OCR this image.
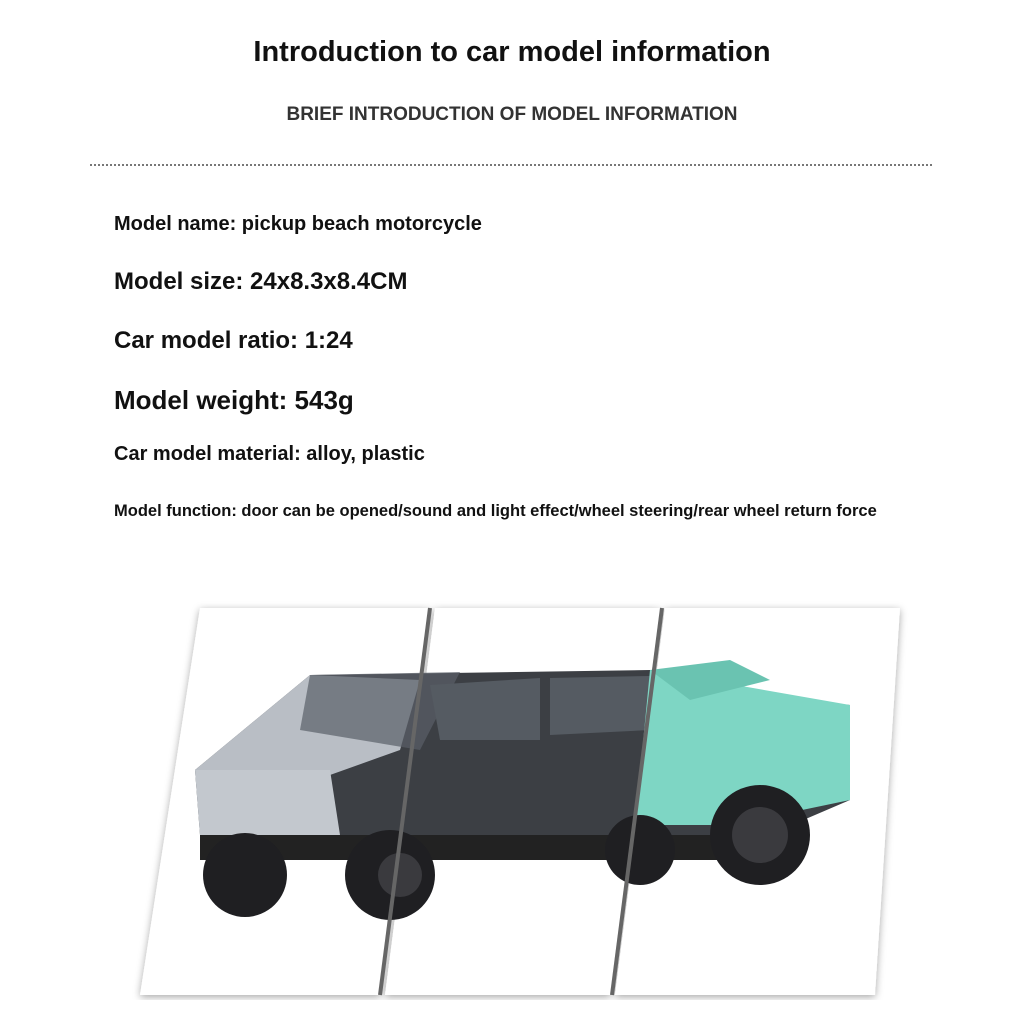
Introduction to car model information
BRIEF INTRODUCTION OF MODEL INFORMATION
Model name: pickup beach motorcycle
Model size: 24x8.3x8.4CM
Car model ratio: 1:24
Model weight: 543g
Car model material: alloy, plastic
Model function: door can be opened/sound and light effect/wheel steering/rear wheel return force
